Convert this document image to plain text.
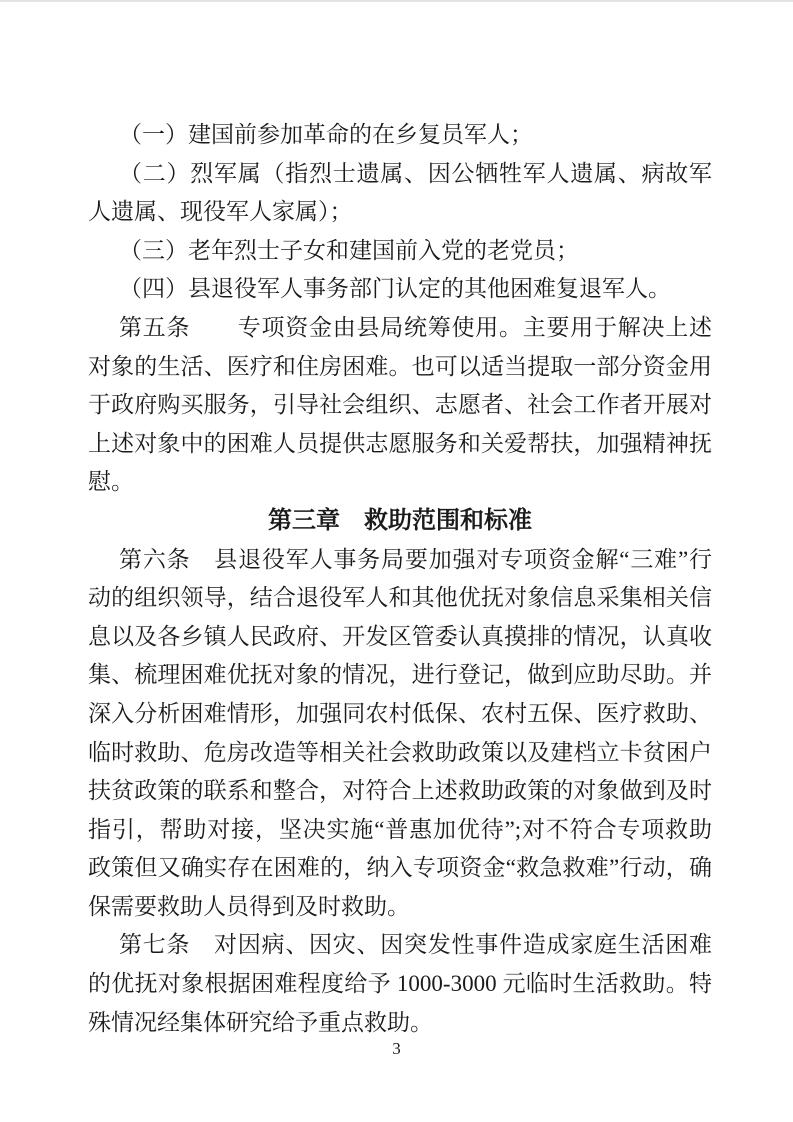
（一）建国前参加革命的在乡复员军人；

（二）烈军属（指烈士遗属、因公牺牲军人遗属、病故军人遗属、现役军人家属）；

（三）老年烈士子女和建国前入党的老党员；

（四）县退役军人事务部门认定的其他困难复退军人。

第五条　　专项资金由县局统筹使用。主要用于解决上述对象的生活、医疗和住房困难。也可以适当提取一部分资金用于政府购买服务，引导社会组织、志愿者、社会工作者开展对上述对象中的困难人员提供志愿服务和关爱帮扶，加强精神抚慰。

第三章　救助范围和标准

第六条　县退役军人事务局要加强对专项资金解“三难”行动的组织领导，结合退役军人和其他优抚对象信息采集相关信息以及各乡镇人民政府、开发区管委认真摸排的情况，认真收集、梳理困难优抚对象的情况，进行登记，做到应助尽助。并深入分析困难情形，加强同农村低保、农村五保、医疗救助、临时救助、危房改造等相关社会救助政策以及建档立卡贫困户扶贫政策的联系和整合，对符合上述救助政策的对象做到及时指引，帮助对接，坚决实施“普惠加优待”;对不符合专项救助政策但又确实存在困难的，纳入专项资金“救急救难”行动，确保需要救助人员得到及时救助。

第七条　对因病、因灾、因突发性事件造成家庭生活困难的优抚对象根据困难程度给予 1000-3000 元临时生活救助。特殊情况经集体研究给予重点救助。

3
